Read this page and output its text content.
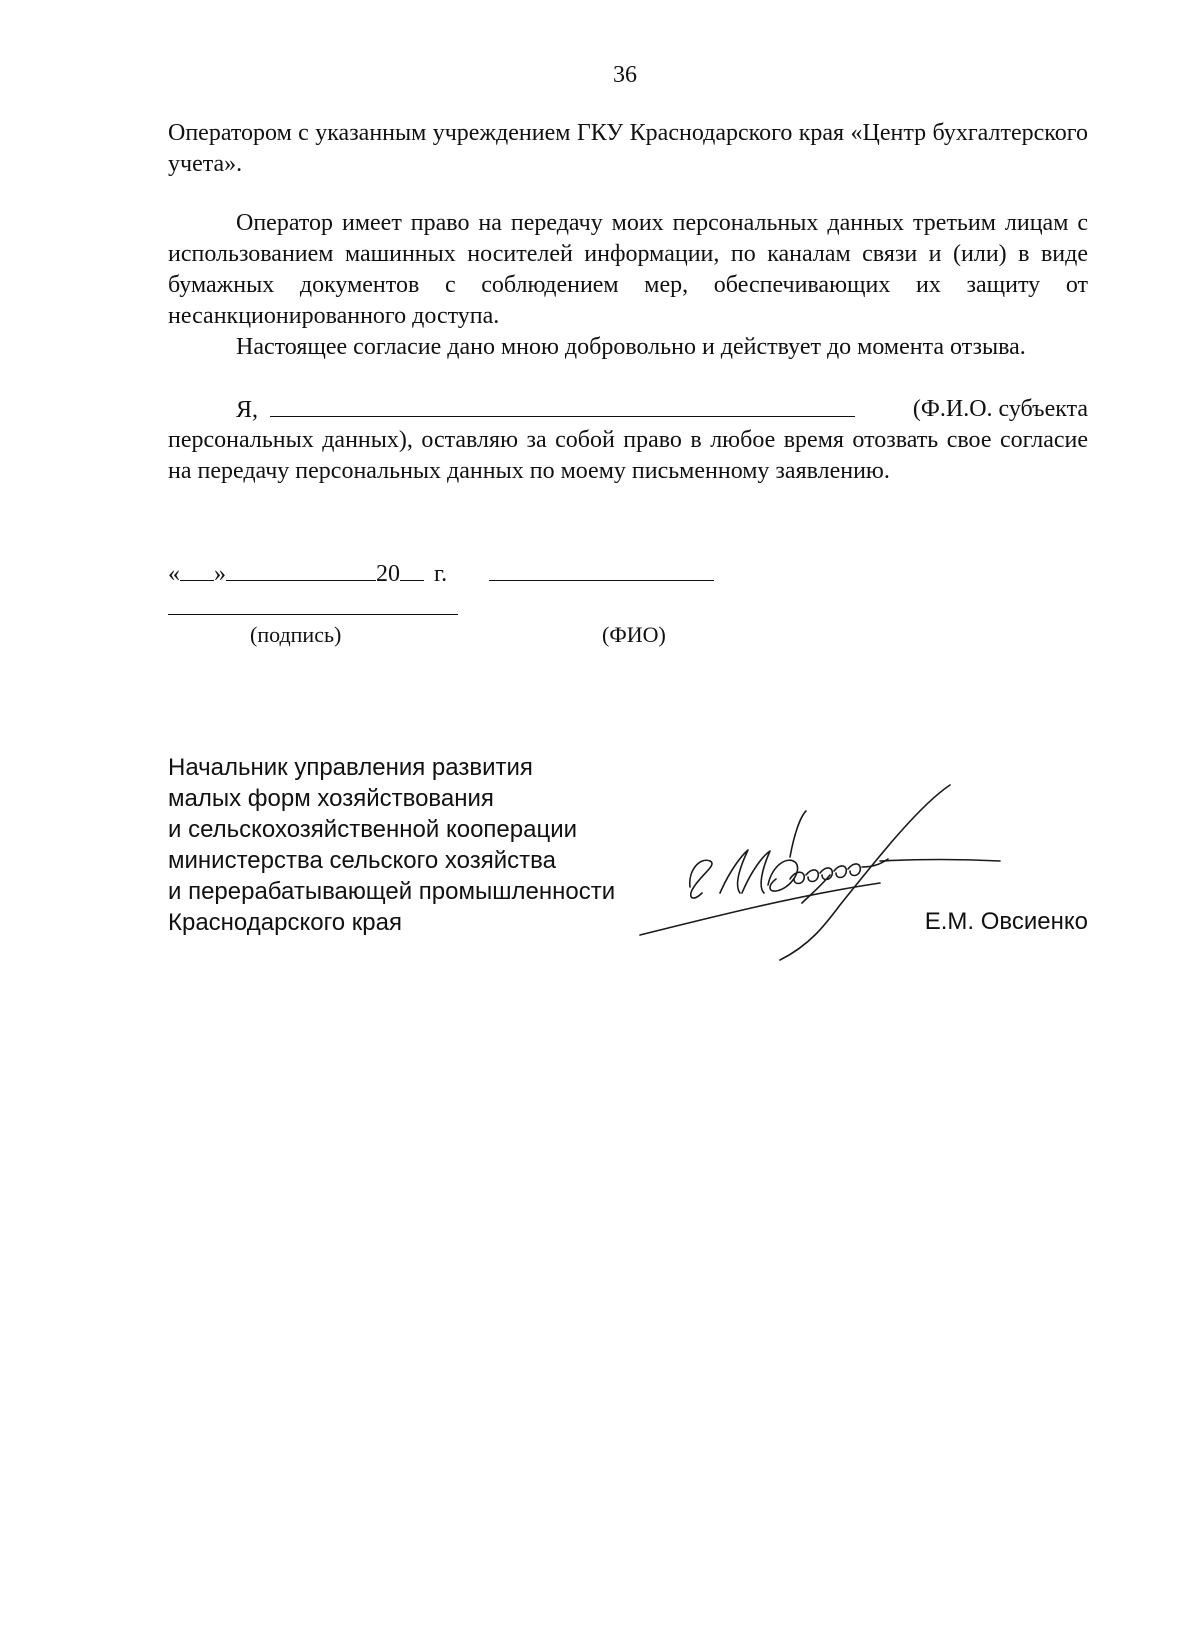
36
Оператором с указанным учреждением ГКУ Краснодарского края «Центр бухгалтерского учета».
Оператор имеет право на передачу моих персональных данных третьим лицам с использованием машинных носителей информации, по каналам связи и (или) в виде бумажных документов с соблюдением мер, обеспечивающих их защиту от несанкционированного доступа.
Настоящее согласие дано мною добровольно и действует до момента отзыва.
Я,	(Ф.И.О. субъекта
персональных данных), оставляю за собой право в любое время отозвать свое согласие на передачу персональных данных по моему письменному заявлению.
« »	20 г.
(подпись)	(ФИО)
Начальник управления развития
малых форм хозяйствования
и сельскохозяйственной кооперации
министерства сельского хозяйства
и перерабатывающей промышленности
Краснодарского края	Е.М. Овсиенко
